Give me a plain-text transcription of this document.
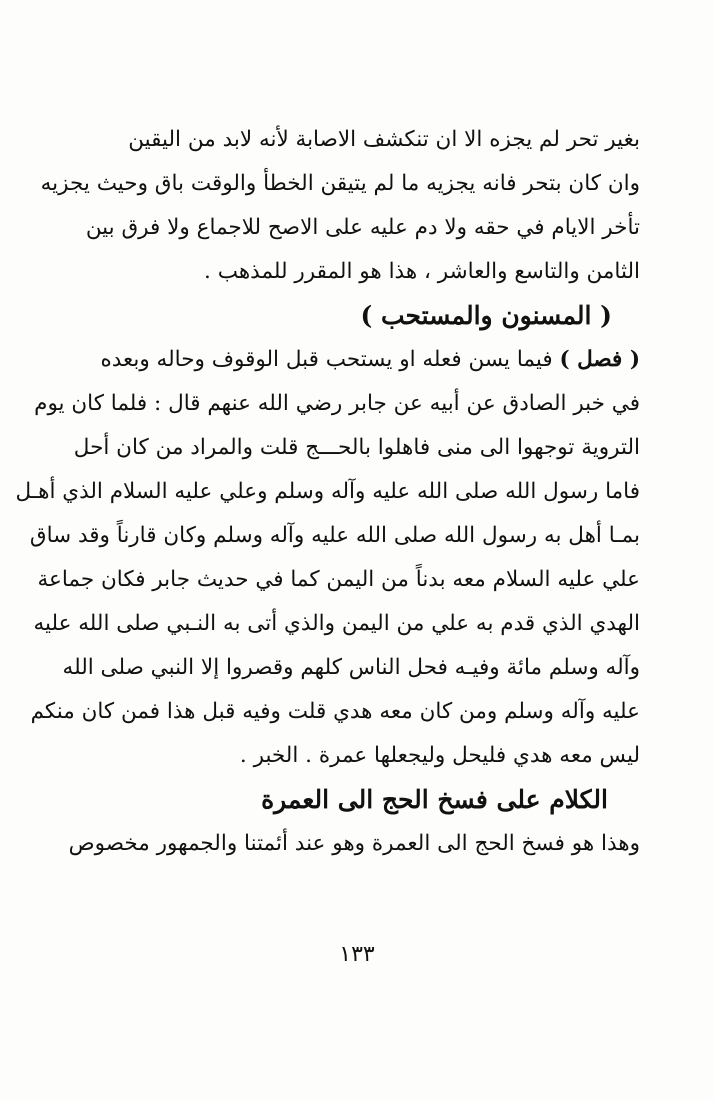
بغير تحر لم يجزه الا ان تنكشف الاصابة لأنه لابد من اليقين
وان كان بتحر فانه يجزيه ما لم يتيقن الخطأ والوقت باق وحيث يجزيه
تأخر الايام في حقه ولا دم عليه على الاصح للاجماع ولا فرق بين
الثامن والتاسع والعاشر ، هذا هو المقرر للمذهب .
( المسنون والمستحب )
( فصل ) فيما يسن فعله او يستحب قبل الوقوف وحاله وبعده
في خبر الصادق عن أبيه عن جابر رضي الله عنهم قال : فلما كان يوم
التروية توجهوا الى منى فاهلوا بالحـــج قلت والمراد من كان أحل
فاما رسول الله صلى الله عليه وآله وسلم وعلي عليه السلام الذي أهـل
بمـا أهل به رسول الله صلى الله عليه وآله وسلم وكان قارناً وقد ساق
علي عليه السلام معه بدناً من اليمن كما في حديث جابر فكان جماعة
الهدي الذي قدم به علي من اليمن والذي أتى به النـبي صلى الله عليه
وآله وسلم مائة وفيـه فحل الناس كلهم وقصروا إلا النبي صلى الله
عليه وآله وسلم ومن كان معه هدي قلت وفيه قبل هذا فمن كان منكم
ليس معه هدي فليحل وليجعلها عمرة . الخبر .
الكلام على فسخ الحج الى العمرة
وهذا هو فسخ الحج الى العمرة وهو عند أئمتنا والجمهور مخصوص
١٣٣
